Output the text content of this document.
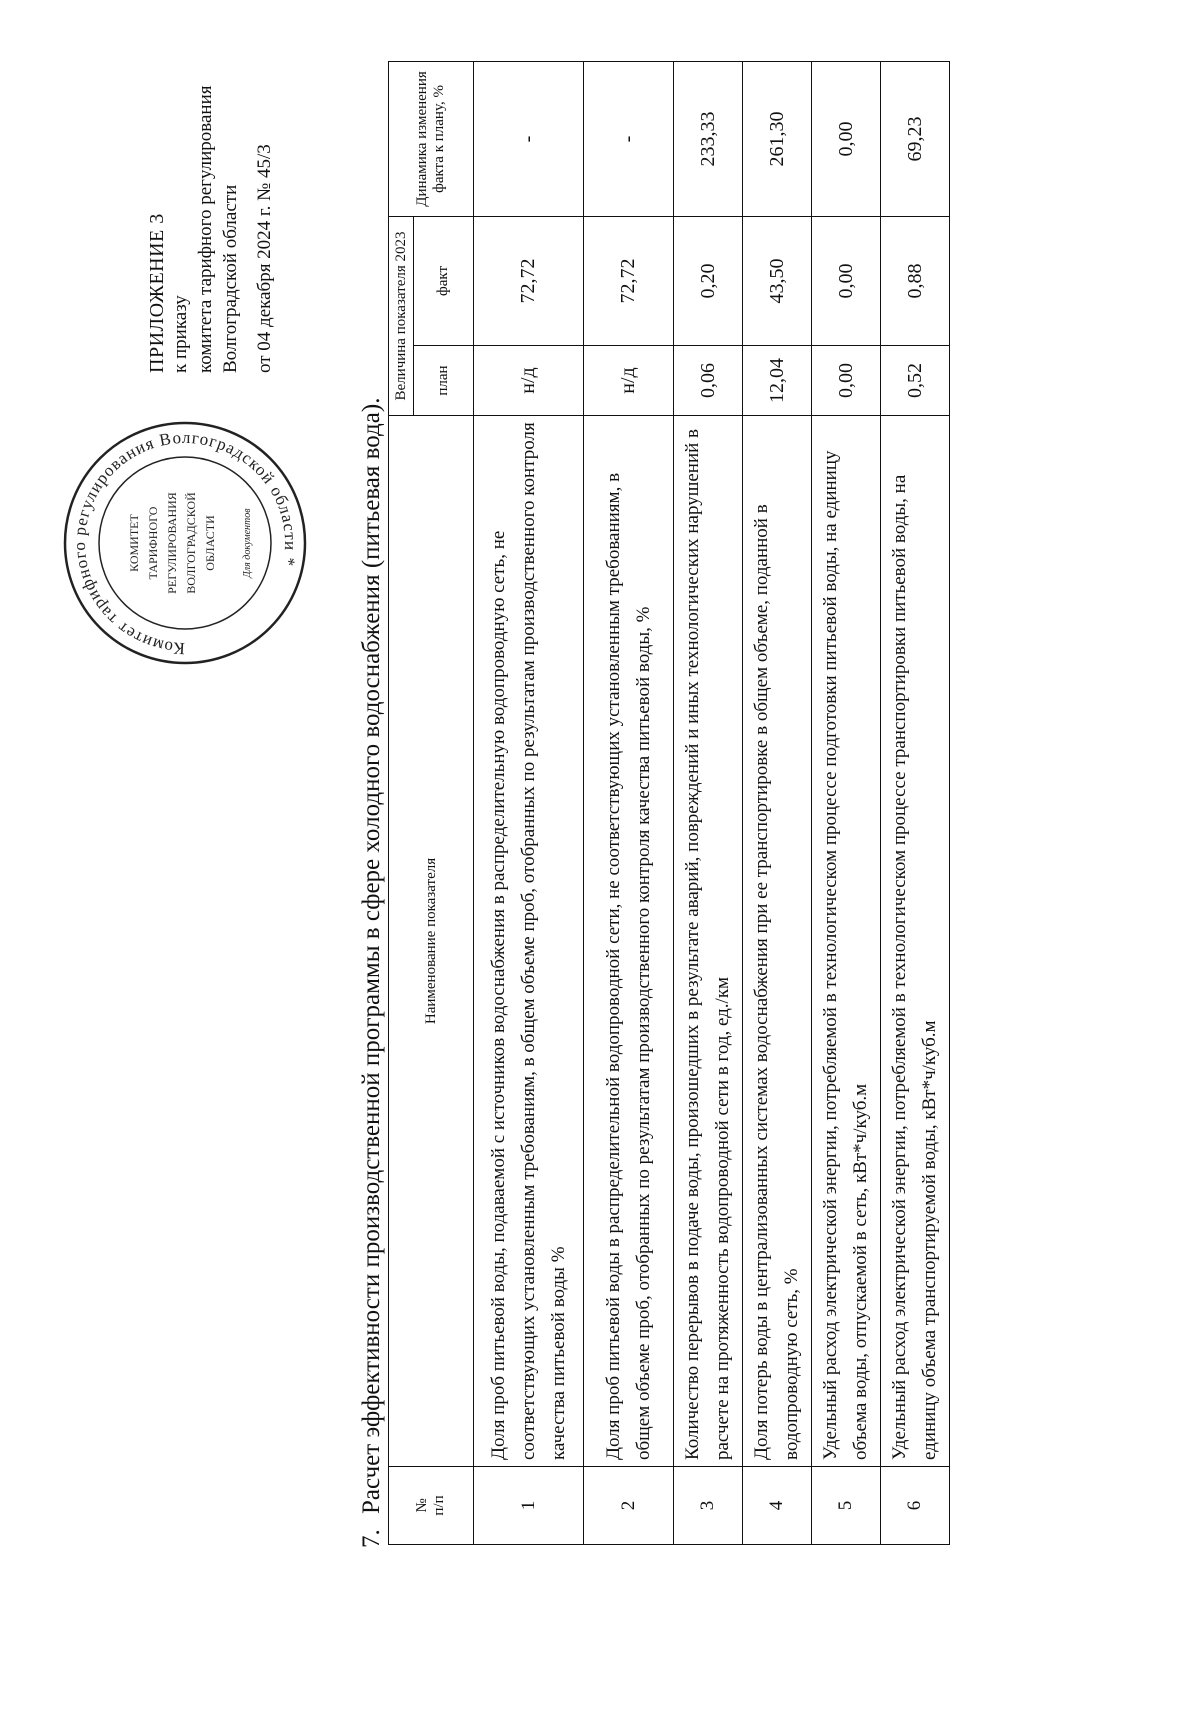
ПРИЛОЖЕНИЕ 3 к приказу комитета тарифного регулирования Волгоградской области от 04 декабря 2024 г. № 45/3
Комитет тарифного регулирования Волгоградской области *
КОМИТЕТ ТАРИФНОГО РЕГУЛИРОВАНИЯ ВОЛГОГРАДСКОЙ ОБЛАСТИ	Для документов
7.Расчет эффективности производственной программы в сфере холодного водоснабжения (питьевая вода). № п/п	Наименование показателя	Величина показателя 2023		Динамика изменения факта к плану, %
		план	факт	
1	Доля проб питьевой воды, подаваемой с источников водоснабжения в распределительную водопроводную сеть, не соответствующих установленным требованиям, в общем объеме проб, отобранных по результатам производственного контроля качества питьевой воды %	н/д	72,72	-
2	Доля проб питьевой воды в распределительной водопроводной сети, не соответствующих установленным требованиям, в общем объеме проб, отобранных по результатам производственного контроля качества питьевой воды, %	н/д	72,72	-
3	Количество перерывов в подаче воды, произошедших в результате аварий, повреждений и иных технологических нарушений в расчете на протяженность водопроводной сети в год, ед./км	0,06	0,20	233,33
4	Доля потерь воды в централизованных системах водоснабжения при ее транспортировке в общем объеме, поданной в водопроводную сеть, %	12,04	43,50	261,30
5	Удельный расход электрической энергии, потребляемой в технологическом процессе подготовки питьевой воды, на единицу объема воды, отпускаемой в сеть, кВт*ч/куб.м	0,00	0,00	0,00
6	Удельный расход электрической энергии, потребляемой в технологическом процессе транспортировки питьевой воды, на единицу объема транспортируемой воды, кВт*ч/куб.м	0,52	0,88	69,23
